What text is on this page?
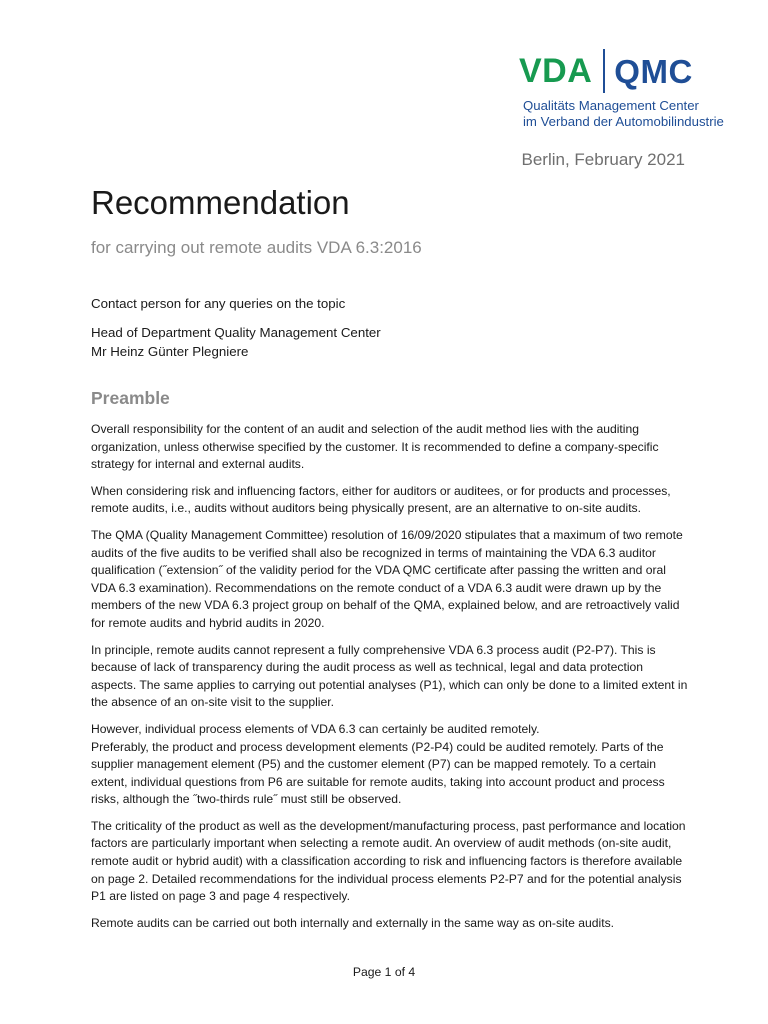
VDA QMC
Qualitäts Management Center
im Verband der Automobilindustrie
Berlin, February 2021
Recommendation
for carrying out remote audits VDA 6.3:2016
Contact person for any queries on the topic
Head of Department Quality Management Center
Mr Heinz Günter Plegniere
Preamble

Overall responsibility for the content of an audit and selection of the audit method lies with the auditing organization, unless otherwise specified by the customer. It is recommended to define a company-specific strategy for internal and external audits.

When considering risk and influencing factors, either for auditors or auditees, or for products and processes, remote audits, i.e., audits without auditors being physically present, are an alternative to on-site audits.

The QMA (Quality Management Committee) resolution of 16/09/2020 stipulates that a maximum of two remote audits of the five audits to be verified shall also be recognized in terms of maintaining the VDA 6.3 auditor qualification (˝extension˝ of the validity period for the VDA QMC certificate after passing the written and oral VDA 6.3 examination). Recommendations on the remote conduct of a VDA 6.3 audit were drawn up by the members of the new VDA 6.3 project group on behalf of the QMA, explained below, and are retroactively valid for remote audits and hybrid audits in 2020.

In principle, remote audits cannot represent a fully comprehensive VDA 6.3 process audit (P2-P7). This is because of lack of transparency during the audit process as well as technical, legal and data protection aspects. The same applies to carrying out potential analyses (P1), which can only be done to a limited extent in the absence of an on-site visit to the supplier.

However, individual process elements of VDA 6.3 can certainly be audited remotely.
Preferably, the product and process development elements (P2-P4) could be audited remotely. Parts of the supplier management element (P5) and the customer element (P7) can be mapped remotely. To a certain extent, individual questions from P6 are suitable for remote audits, taking into account product and process risks, although the ˝two-thirds rule˝ must still be observed.

The criticality of the product as well as the development/manufacturing process, past performance and location factors are particularly important when selecting a remote audit. An overview of audit methods (on-site audit, remote audit or hybrid audit) with a classification according to risk and influencing factors is therefore available on page 2. Detailed recommendations for the individual process elements P2-P7 and for the potential analysis P1 are listed on page 3 and page 4 respectively.

Remote audits can be carried out both internally and externally in the same way as on-site audits.

Page 1 of 4
